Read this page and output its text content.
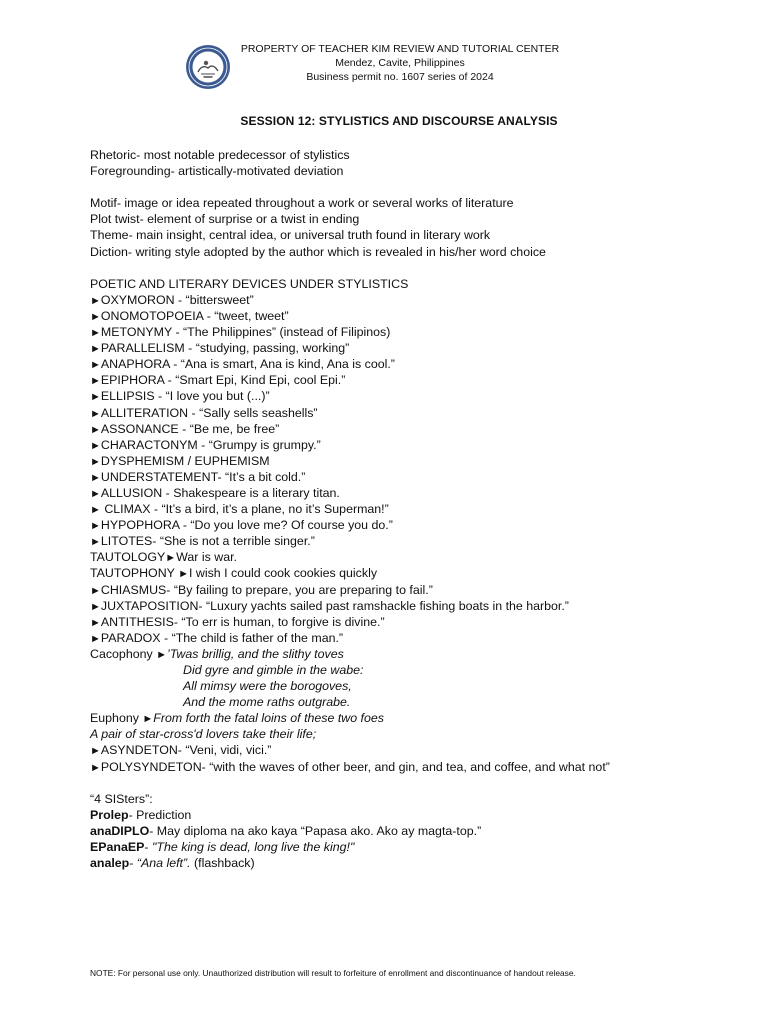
PROPERTY OF TEACHER KIM REVIEW AND TUTORIAL CENTER
Mendez, Cavite, Philippines
Business permit no. 1607 series of 2024
SESSION 12: STYLISTICS AND DISCOURSE ANALYSIS
Rhetoric- most notable predecessor of stylistics
Foregrounding- artistically-motivated deviation
Motif- image or idea repeated throughout a work or several works of literature
Plot twist- element of surprise or a twist in ending
Theme- main insight, central idea, or universal truth found in literary work
Diction- writing style adopted by the author which is revealed in his/her word choice
POETIC AND LITERARY DEVICES UNDER STYLISTICS
►OXYMORON - “bittersweet”
►ONOMOTOPOEIA - “tweet, tweet”
►METONYMY - “The Philippines” (instead of Filipinos)
►PARALLELISM - “studying, passing, working”
►ANAPHORA - “Ana is smart, Ana is kind, Ana is cool.”
►EPIPHORA - “Smart Epi, Kind Epi, cool Epi.”
►ELLIPSIS - “I love you but (...)”
►ALLITERATION - “Sally sells seashells”
►ASSONANCE - “Be me, be free”
►CHARACTONYM - “Grumpy is grumpy.”
►DYSPHEMISM / EUPHEMISM
►UNDERSTATEMENT- “It’s a bit cold.”
►ALLUSION - Shakespeare is a literary titan.
► CLIMAX - “It’s a bird, it’s a plane, no it’s Superman!”
►HYPOPHORA - “Do you love me? Of course you do.”
►LITOTES- “She is not a terrible singer.”
TAUTOLOGY►War is war.
TAUTOPHONY ►I wish I could cook cookies quickly
►CHIASMUS- “By failing to prepare, you are preparing to fail.”
►JUXTAPOSITION- “Luxury yachts sailed past ramshackle fishing boats in the harbor.”
►ANTITHESIS- “To err is human, to forgive is divine.”
►PARADOX - “The child is father of the man.”
Cacophony ►’Twas brillig, and the slithy toves
Did gyre and gimble in the wabe:
All mimsy were the borogoves,
And the mome raths outgrabe.
Euphony ►From forth the fatal loins of these two foes
A pair of star-cross'd lovers take their life;
►ASYNDETON- “Veni, vidi, vici.”
►POLYSYNDETON- “with the waves of other beer, and gin, and tea, and coffee, and what not”
“4 SISters”:
Prolep- Prediction
anaDIPLO- May diploma na ako kaya “Papasa ako. Ako ay magta-top.”
EPanaEP- "The king is dead, long live the king!"
analep- “Ana left”. (flashback)
NOTE: For personal use only. Unauthorized distribution will result to forfeiture of enrollment and discontinuance of handout release.
